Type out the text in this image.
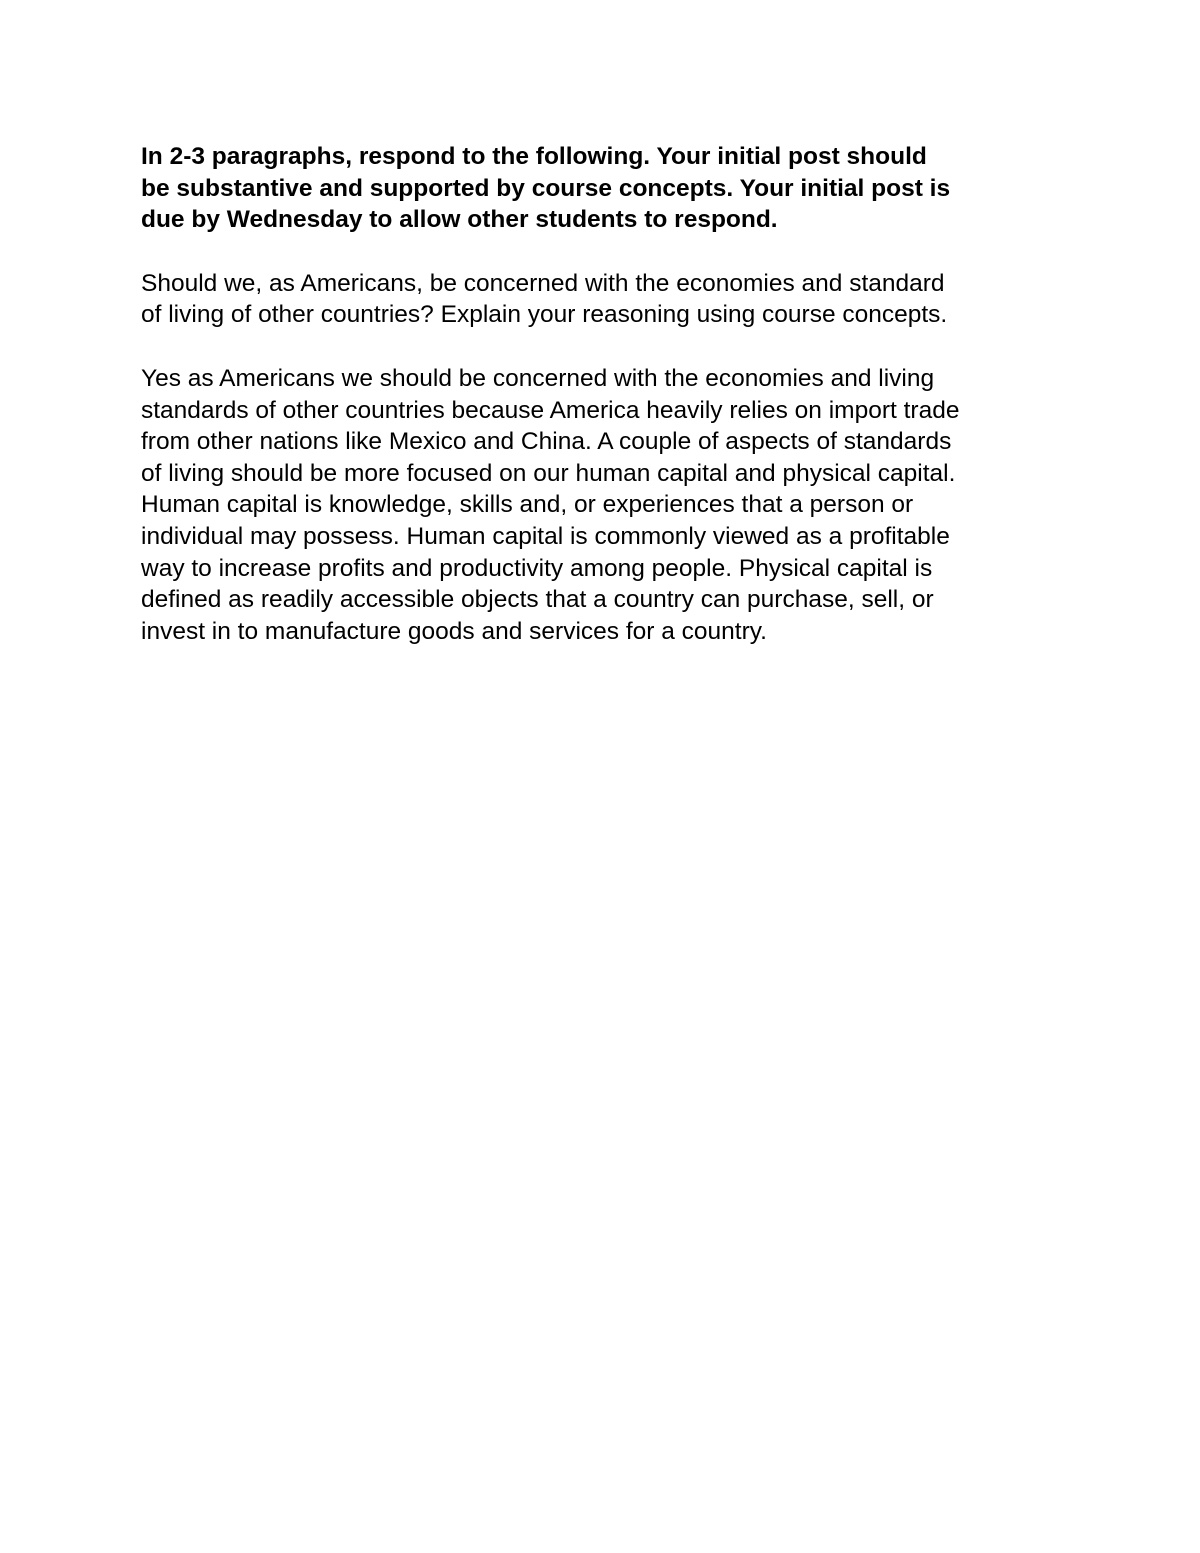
In 2-3 paragraphs, respond to the following. Your initial post should
be substantive and supported by course concepts. Your initial post is
due by Wednesday to allow other students to respond.
Should we, as Americans, be concerned with the economies and standard
of living of other countries? Explain your reasoning using course concepts.
Yes as Americans we should be concerned with the economies and living
standards of other countries because America heavily relies on import trade
from other nations like Mexico and China. A couple of aspects of standards
of living should be more focused on our human capital and physical capital.
Human capital is knowledge, skills and, or experiences that a person or
individual may possess. Human capital is commonly viewed as a profitable
way to increase profits and productivity among people. Physical capital is
defined as readily accessible objects that a country can purchase, sell, or
invest in to manufacture goods and services for a country.
